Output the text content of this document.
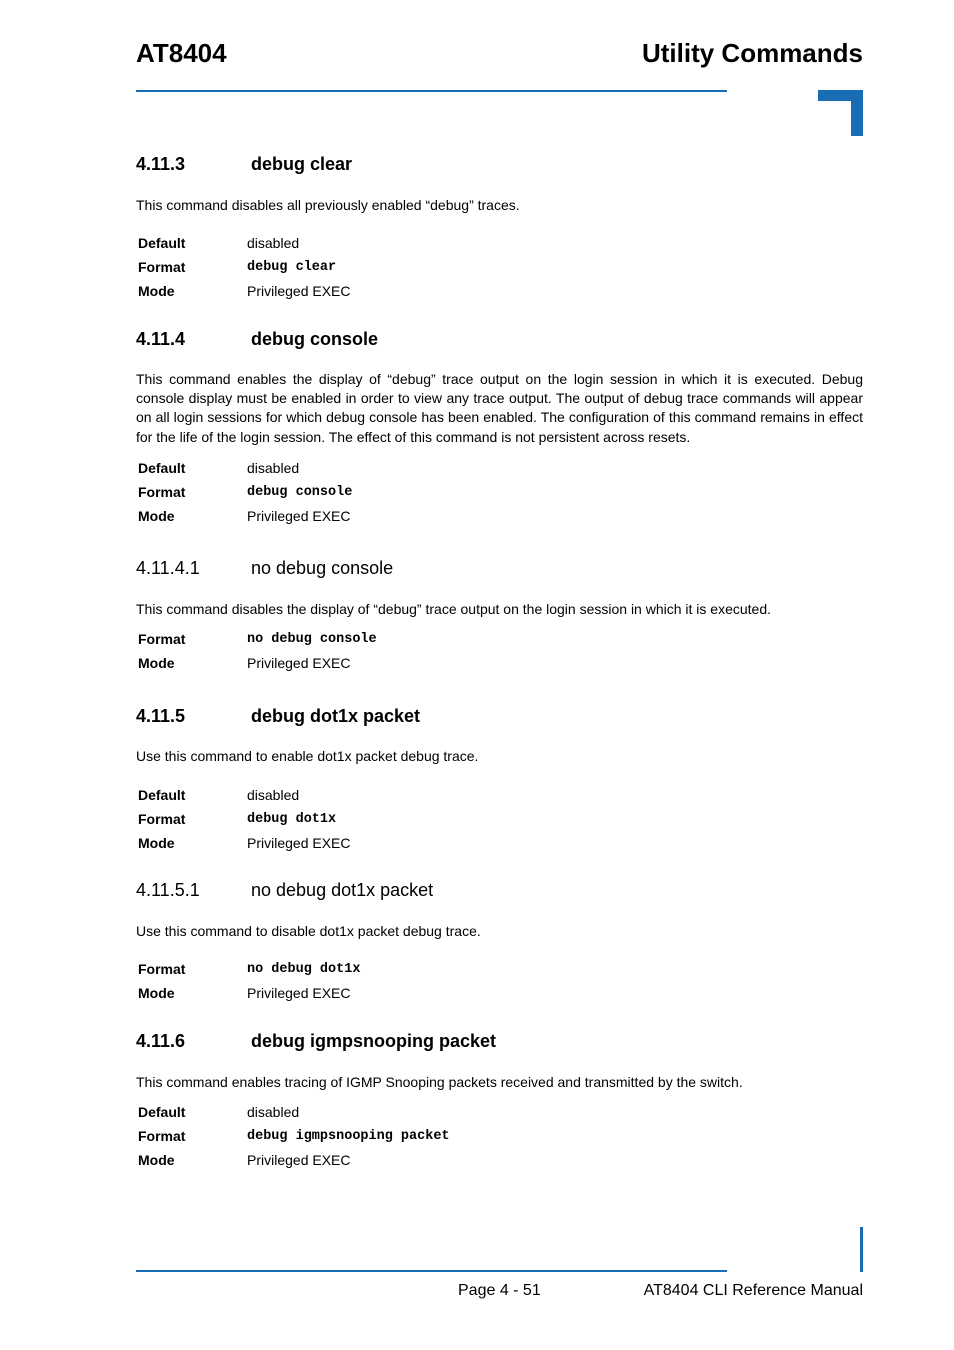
AT8404	Utility Commands
4.11.3	debug clear
This command disables all previously enabled “debug” traces.
Default	disabled
Format	debug clear
Mode	Privileged EXEC
4.11.4	debug console
This command enables the display of “debug” trace output on the login session in which it is executed. Debug console display must be enabled in order to view any trace output. The output of debug trace commands will appear on all login sessions for which debug console has been enabled. The configuration of this command remains in effect for the life of the login session. The effect of this command is not persistent across resets.
Default	disabled
Format	debug console
Mode	Privileged EXEC
4.11.4.1	no debug console
This command disables the display of “debug” trace output on the login session in which it is executed.
Format	no debug console
Mode	Privileged EXEC
4.11.5	debug dot1x packet
Use this command to enable dot1x packet debug trace.
Default	disabled
Format	debug dot1x
Mode	Privileged EXEC
4.11.5.1	no debug dot1x packet
Use this command to disable dot1x packet debug trace.
Format	no debug dot1x
Mode	Privileged EXEC
4.11.6	debug igmpsnooping packet
This command enables tracing of IGMP Snooping packets received and transmitted by the switch.
Default	disabled
Format	debug igmpsnooping packet
Mode	Privileged EXEC
Page 4 - 51	AT8404 CLI Reference Manual
